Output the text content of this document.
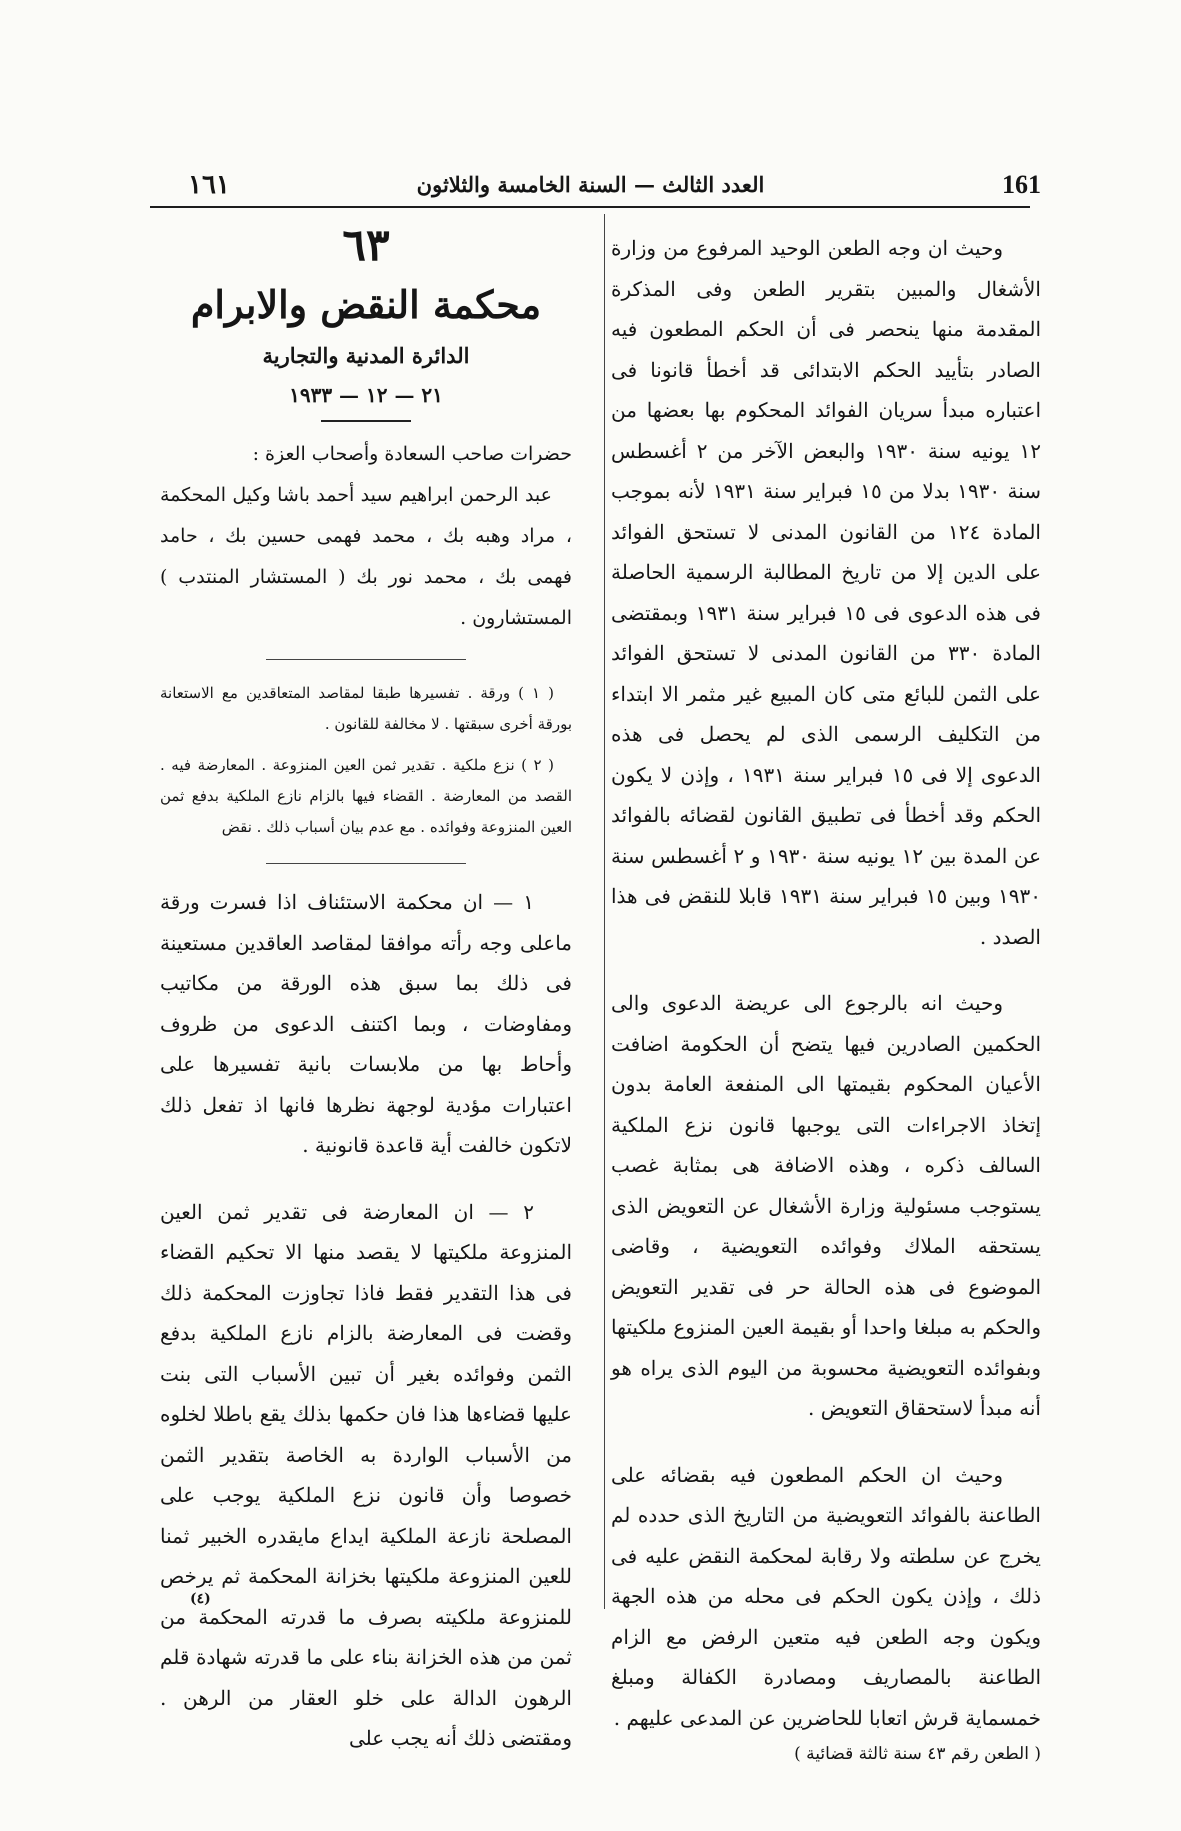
161
العدد الثالث — السنة الخامسة والثلاثون
١٦١

وحيث ان وجه الطعن الوحيد المرفوع من وزارة الأشغال والمبين بتقرير الطعن وفى المذكرة المقدمة منها ينحصر فى أن الحكم المطعون فيه الصادر بتأييد الحكم الابتدائى قد أخطأ قانونا فى اعتباره مبدأ سريان الفوائد المحكوم بها بعضها من ١٢ يونيه سنة ١٩٣٠ والبعض الآخر من ٢ أغسطس سنة ١٩٣٠ بدلا من ١٥ فبراير سنة ١٩٣١ لأنه بموجب المادة ١٢٤ من القانون المدنى لا تستحق الفوائد على الدين إلا من تاريخ المطالبة الرسمية الحاصلة فى هذه الدعوى فى ١٥ فبراير سنة ١٩٣١ وبمقتضى المادة ٣٣٠ من القانون المدنى لا تستحق الفوائد على الثمن للبائع متى كان المبيع غير مثمر الا ابتداء من التكليف الرسمى الذى لم يحصل فى هذه الدعوى إلا فى ١٥ فبراير سنة ١٩٣١ ، وإذن لا يكون الحكم وقد أخطأ فى تطبيق القانون لقضائه بالفوائد عن المدة بين ١٢ يونيه سنة ١٩٣٠ و ٢ أغسطس سنة ١٩٣٠ وبين ١٥ فبراير سنة ١٩٣١ قابلا للنقض فى هذا الصدد .

وحيث انه بالرجوع الى عريضة الدعوى والى الحكمين الصادرين فيها يتضح أن الحكومة اضافت الأعيان المحكوم بقيمتها الى المنفعة العامة بدون إتخاذ الاجراءات التى يوجبها قانون نزع الملكية السالف ذكره ، وهذه الاضافة هى بمثابة غصب يستوجب مسئولية وزارة الأشغال عن التعويض الذى يستحقه الملاك وفوائده التعويضية ، وقاضى الموضوع فى هذه الحالة حر فى تقدير التعويض والحكم به مبلغا واحدا أو بقيمة العين المنزوع ملكيتها وبفوائده التعويضية محسوبة من اليوم الذى يراه هو أنه مبدأ لاستحقاق التعويض .

وحيث ان الحكم المطعون فيه بقضائه على الطاعنة بالفوائد التعويضية من التاريخ الذى حدده لم يخرج عن سلطته ولا رقابة لمحكمة النقض عليه فى ذلك ، وإذن يكون الحكم فى محله من هذه الجهة ويكون وجه الطعن فيه متعين الرفض مع الزام الطاعنة بالمصاريف ومصادرة الكفالة ومبلغ خمسماية قرش اتعابا للحاضرين عن المدعى عليهم .

( الطعن رقم ٤٣ سنة ثالثة قضائية )

٦٣

محكمة النقض والابرام

الدائرة المدنية والتجارية

٢١ — ١٢ — ١٩٣٣

حضرات صاحب السعادة وأصحاب العزة :

عبد الرحمن ابراهيم سيد أحمد باشا وكيل المحكمة ، مراد وهبه بك ، محمد فهمى حسين بك ، حامد فهمى بك ، محمد نور بك ( المستشار المنتدب ) المستشارون .

( ١ ) ورقة . تفسيرها طبقا لمقاصد المتعاقدين مع الاستعانة بورقة أخرى سبقتها . لا مخالفة للقانون .

( ٢ ) نزع ملكية . تقدير ثمن العين المنزوعة . المعارضة فيه . القصد من المعارضة . القضاء فيها بالزام نازع الملكية بدفع ثمن العين المنزوعة وفوائده . مع عدم بيان أسباب ذلك . نقض

١ — ان محكمة الاستئناف اذا فسرت ورقة ماعلى وجه رأته موافقا لمقاصد العاقدين مستعينة فى ذلك بما سبق هذه الورقة من مكاتيب ومفاوضات ، وبما اكتنف الدعوى من ظروف وأحاط بها من ملابسات بانية تفسيرها على اعتبارات مؤدية لوجهة نظرها فانها اذ تفعل ذلك لاتكون خالفت أية قاعدة قانونية .

٢ — ان المعارضة فى تقدير ثمن العين المنزوعة ملكيتها لا يقصد منها الا تحكيم القضاء فى هذا التقدير فقط فاذا تجاوزت المحكمة ذلك وقضت فى المعارضة بالزام نازع الملكية بدفع الثمن وفوائده بغير أن تبين الأسباب التى بنت عليها قضاءها هذا فان حكمها بذلك يقع باطلا لخلوه من الأسباب الواردة به الخاصة بتقدير الثمن خصوصا وأن قانون نزع الملكية يوجب على المصلحة نازعة الملكية ايداع مايقدره الخبير ثمنا للعين المنزوعة ملكيتها بخزانة المحكمة ثم يرخص للمنزوعة ملكيته بصرف ما قدرته المحكمة من ثمن من هذه الخزانة بناء على ما قدرته شهادة قلم الرهون الدالة على خلو العقار من الرهن . ومقتضى ذلك أنه يجب على

(٤)
